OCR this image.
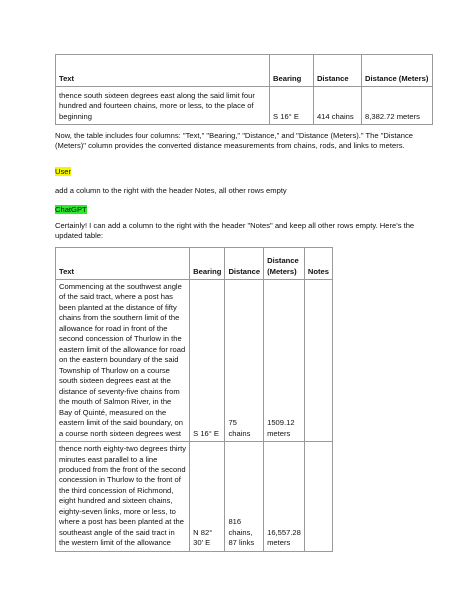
Text	Bearing	Distance	Distance (Meters)
thence south sixteen degrees east along the said limit four hundred and fourteen chains, more or less, to the place of beginning	S 16° E	414 chains	8,382.72 meters

Now, the table includes four columns: "Text," "Bearing," "Distance," and "Distance (Meters)." The "Distance (Meters)" column provides the converted distance measurements from chains, rods, and links to meters.

User

add a column to the right with the header Notes, all other rows empty

ChatGPT

Certainly! I can add a column to the right with the header "Notes" and keep all other rows empty. Here's the updated table:

Text	Bearing	Distance	Distance (Meters)	Notes
Commencing at the southwest angle of the said tract, where a post has been planted at the distance of fifty chains from the southern limit of the allowance for road in front of the second concession of Thurlow in the eastern limit of the allowance for road on the eastern boundary of the said Township of Thurlow on a course south sixteen degrees east at the distance of seventy-five chains from the mouth of Salmon River, in the Bay of Quinté, measured on the eastern limit of the said boundary, on a course north sixteen degrees west	S 16° E	75 chains	1509.12 meters	
thence north eighty-two degrees thirty minutes east parallel to a line produced from the front of the second concession in Thurlow to the front of the third concession of Richmond, eight hundred and sixteen chains, eighty-seven links, more or less, to where a post has been planted at the southeast angle of the said tract in the western limit of the allowance	N 82° 30' E	816 chains, 87 links	16,557.28 meters	
